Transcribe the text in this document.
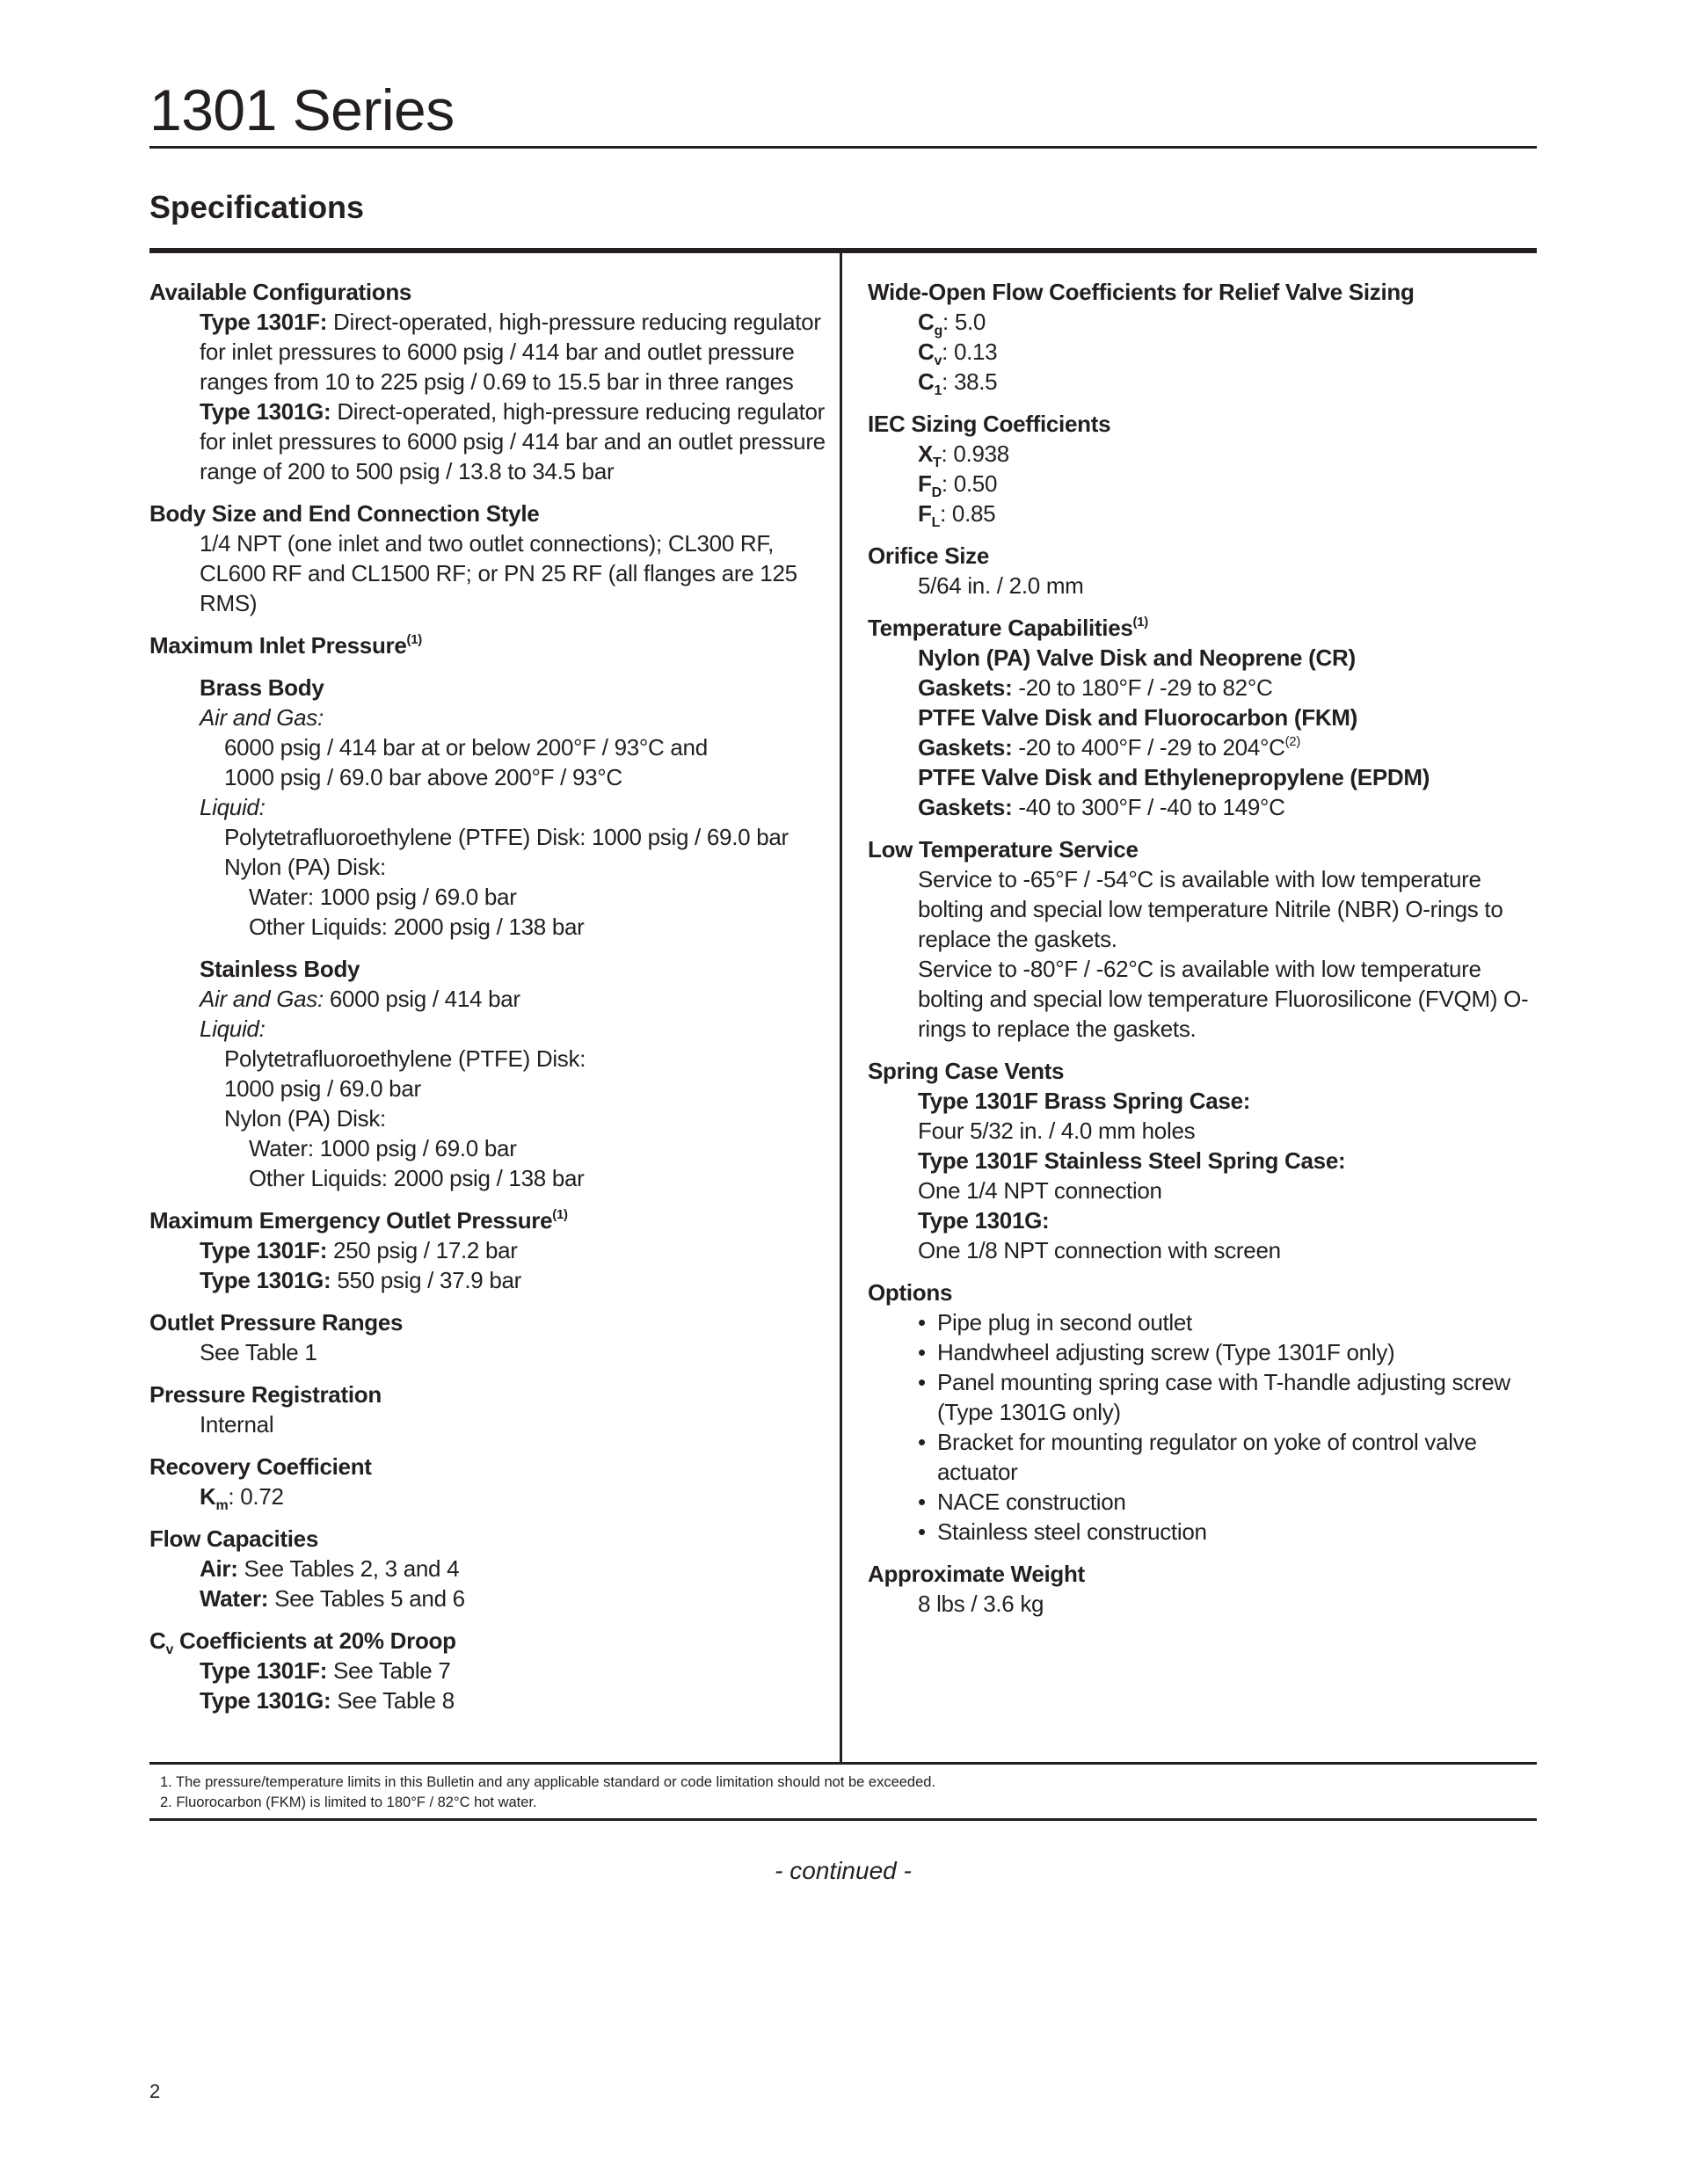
1301 Series
Specifications
Available Configurations
Type 1301F: Direct-operated, high-pressure reducing regulator for inlet pressures to 6000 psig / 414 bar and outlet pressure ranges from 10 to 225 psig / 0.69 to 15.5 bar in three ranges
Type 1301G: Direct-operated, high-pressure reducing regulator for inlet pressures to 6000 psig / 414 bar and an outlet pressure range of 200 to 500 psig / 13.8 to 34.5 bar
Body Size and End Connection Style
1/4 NPT (one inlet and two outlet connections); CL300 RF, CL600 RF and CL1500 RF; or PN 25 RF (all flanges are 125 RMS)
Maximum Inlet Pressure$^{(1)}$
Brass Body
Air and Gas:
6000 psig / 414 bar at or below 200°F / 93°C and
1000 psig / 69.0 bar above 200°F / 93°C
Liquid:
Polytetrafluoroethylene (PTFE) Disk: 1000 psig / 69.0 bar
Nylon (PA) Disk:
Water: 1000 psig / 69.0 bar
Other Liquids: 2000 psig / 138 bar
Stainless Body
Air and Gas: 6000 psig / 414 bar
Liquid:
Polytetrafluoroethylene (PTFE) Disk:
1000 psig / 69.0 bar
Nylon (PA) Disk:
Water: 1000 psig / 69.0 bar
Other Liquids: 2000 psig / 138 bar
Maximum Emergency Outlet Pressure$^{(1)}$
Type 1301F: 250 psig / 17.2 bar
Type 1301G: 550 psig / 37.9 bar
Outlet Pressure Ranges
See Table 1
Pressure Registration
Internal
Recovery Coefficient
$K_m$: 0.72
Flow Capacities
Air: See Tables 2, 3 and 4
Water: See Tables 5 and 6
$C_v$ Coefficients at 20% Droop
Type 1301F: See Table 7
Type 1301G: See Table 8
Wide-Open Flow Coefficients for Relief Valve Sizing
$C_g$: 5.0
$C_v$: 0.13
$C_1$: 38.5
IEC Sizing Coefficients
$X_T$: 0.938
$F_D$: 0.50
$F_L$: 0.85
Orifice Size
5/64 in. / 2.0 mm
Temperature Capabilities$^{(1)}$
Nylon (PA) Valve Disk and Neoprene (CR)
Gaskets: -20 to 180°F / -29 to 82°C
PTFE Valve Disk and Fluorocarbon (FKM)
Gaskets: -20 to 400°F / -29 to $204^\circ C^{(2)}$
PTFE Valve Disk and Ethylenepropylene (EPDM)
Gaskets: -40 to 300°F / -40 to 149°C
Low Temperature Service
Service to -65°F / -54°C is available with low temperature bolting and special low temperature Nitrile (NBR) O-rings to replace the gaskets.
Service to -80°F / -62°C is available with low temperature bolting and special low temperature Fluorosilicone (FVQM) O-rings to replace the gaskets.
Spring Case Vents
Type 1301F Brass Spring Case:
Four 5/32 in. / 4.0 mm holes
Type 1301F Stainless Steel Spring Case:
One 1/4 NPT connection
Type 1301G:
One 1/8 NPT connection with screen
Options
• Pipe plug in second outlet
• Handwheel adjusting screw (Type 1301F only)
• Panel mounting spring case with T-handle adjusting screw (Type 1301G only)
• Bracket for mounting regulator on yoke of control valve actuator
• NACE construction
• Stainless steel construction
Approximate Weight
8 lbs / 3.6 kg
1. The pressure/temperature limits in this Bulletin and any applicable standard or code limitation should not be exceeded.
2. Fluorocarbon (FKM) is limited to 180°F / 82°C hot water.
- continued -
2
